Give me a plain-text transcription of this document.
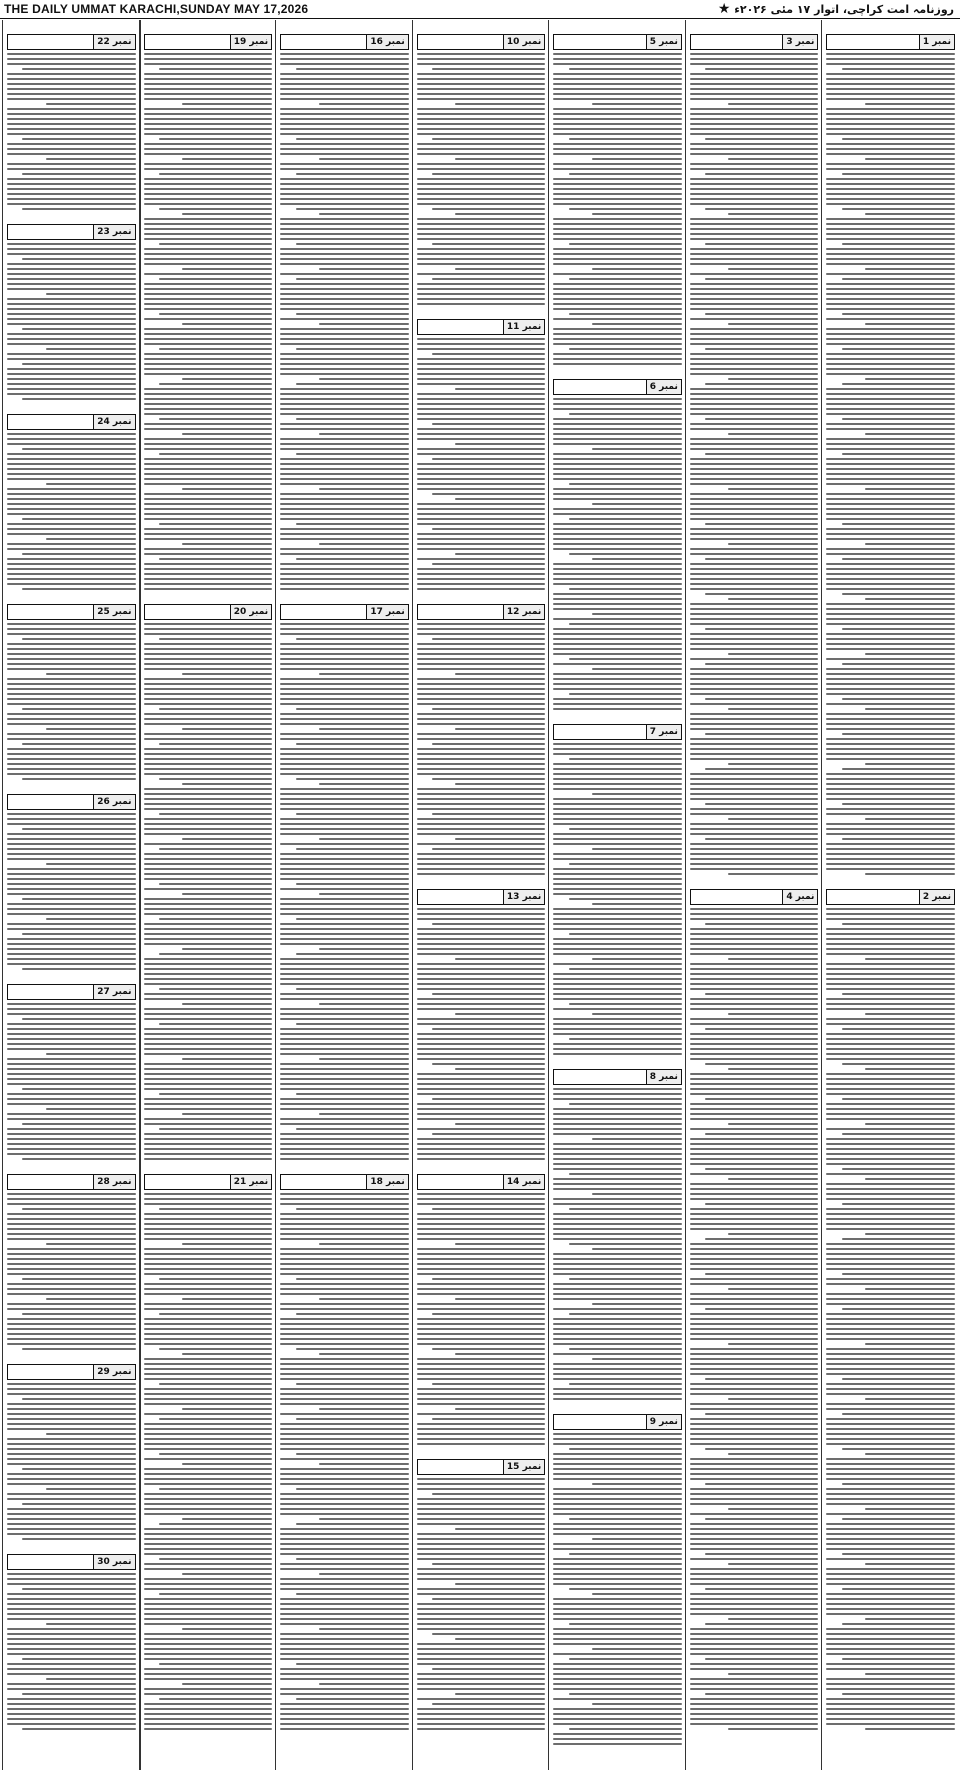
THE DAILY UMMAT KARACHI,SUNDAY MAY 17,2026	روزنامہ امت کراچی، اتوار ۱۷ مئی ۲۰۲۶ء ★
نمبر 1
نمبر 2
نمبر 3
نمبر 4
نمبر 5
نمبر 6
نمبر 7
نمبر 8
نمبر 9
نمبر 10
نمبر 11
نمبر 12
نمبر 13
نمبر 14
نمبر 15
نمبر 16
نمبر 17
نمبر 18
نمبر 19
نمبر 20
نمبر 21
نمبر 22
نمبر 23
نمبر 24
نمبر 25
نمبر 26
نمبر 27
نمبر 28
نمبر 29
نمبر 30
